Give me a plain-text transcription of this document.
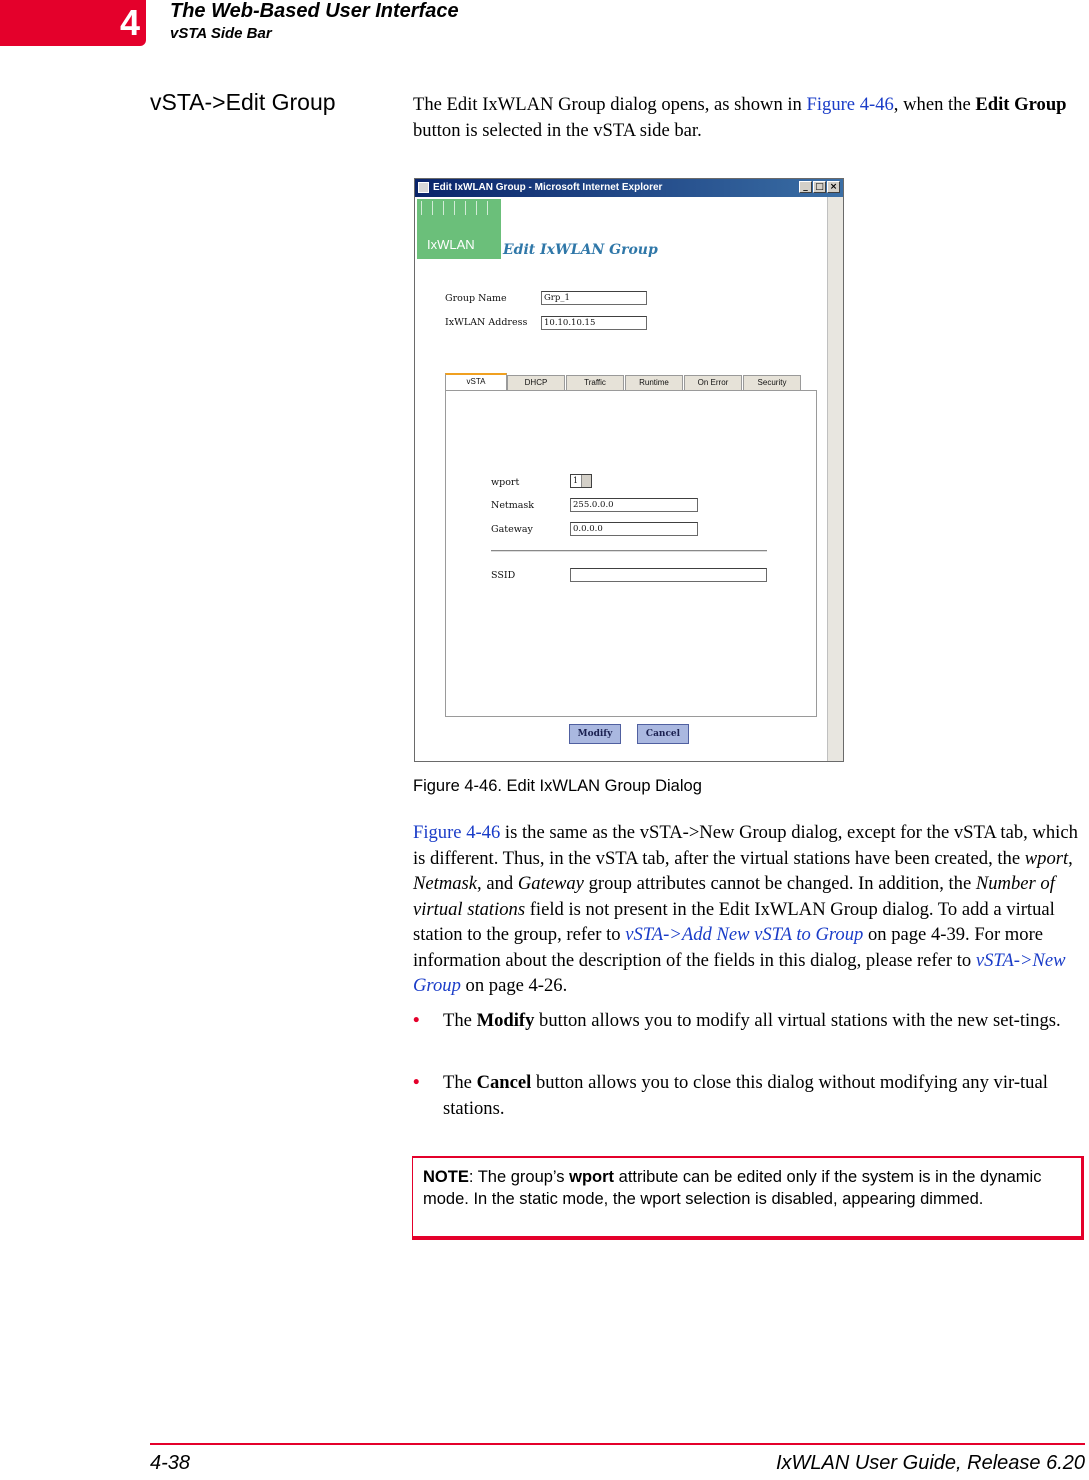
4 The Web-Based User Interface
vSTA Side Bar
vSTA->Edit Group	The Edit IxWLAN Group dialog opens, as shown in Figure 4-46, when the Edit Group button is selected in the vSTA side bar.
Edit IxWLAN Group - Microsoft Internet Explorer	_ □ ×
IxWLAN Edit IxWLAN Group
Group Name	Grp_1
IxWLAN Address	10.10.10.15
vSTA	DHCP	Traffic	Runtime	On Error	Security
wport	1
Netmask	255.0.0.0
Gateway	0.0.0.0
SSID
Modify	Cancel
Figure 4-46. Edit IxWLAN Group Dialog
Figure 4-46 is the same as the vSTA->New Group dialog, except for the vSTA tab, which is different. Thus, in the vSTA tab, after the virtual stations have been created, the wport, Netmask, and Gateway group attributes cannot be changed. In addition, the Number of virtual stations field is not present in the Edit IxWLAN Group dialog. To add a virtual station to the group, refer to vSTA->Add New vSTA to Group on page 4-39. For more information about the description of the fields in this dialog, please refer to vSTA->New Group on page 4-26.
• The Modify button allows you to modify all virtual stations with the new set-tings.
• The Cancel button allows you to close this dialog without modifying any vir-tual stations.
NOTE: The group’s wport attribute can be edited only if the system is in the dynamic mode. In the static mode, the wport selection is disabled, appearing dimmed.
4-38	IxWLAN User Guide, Release 6.20
